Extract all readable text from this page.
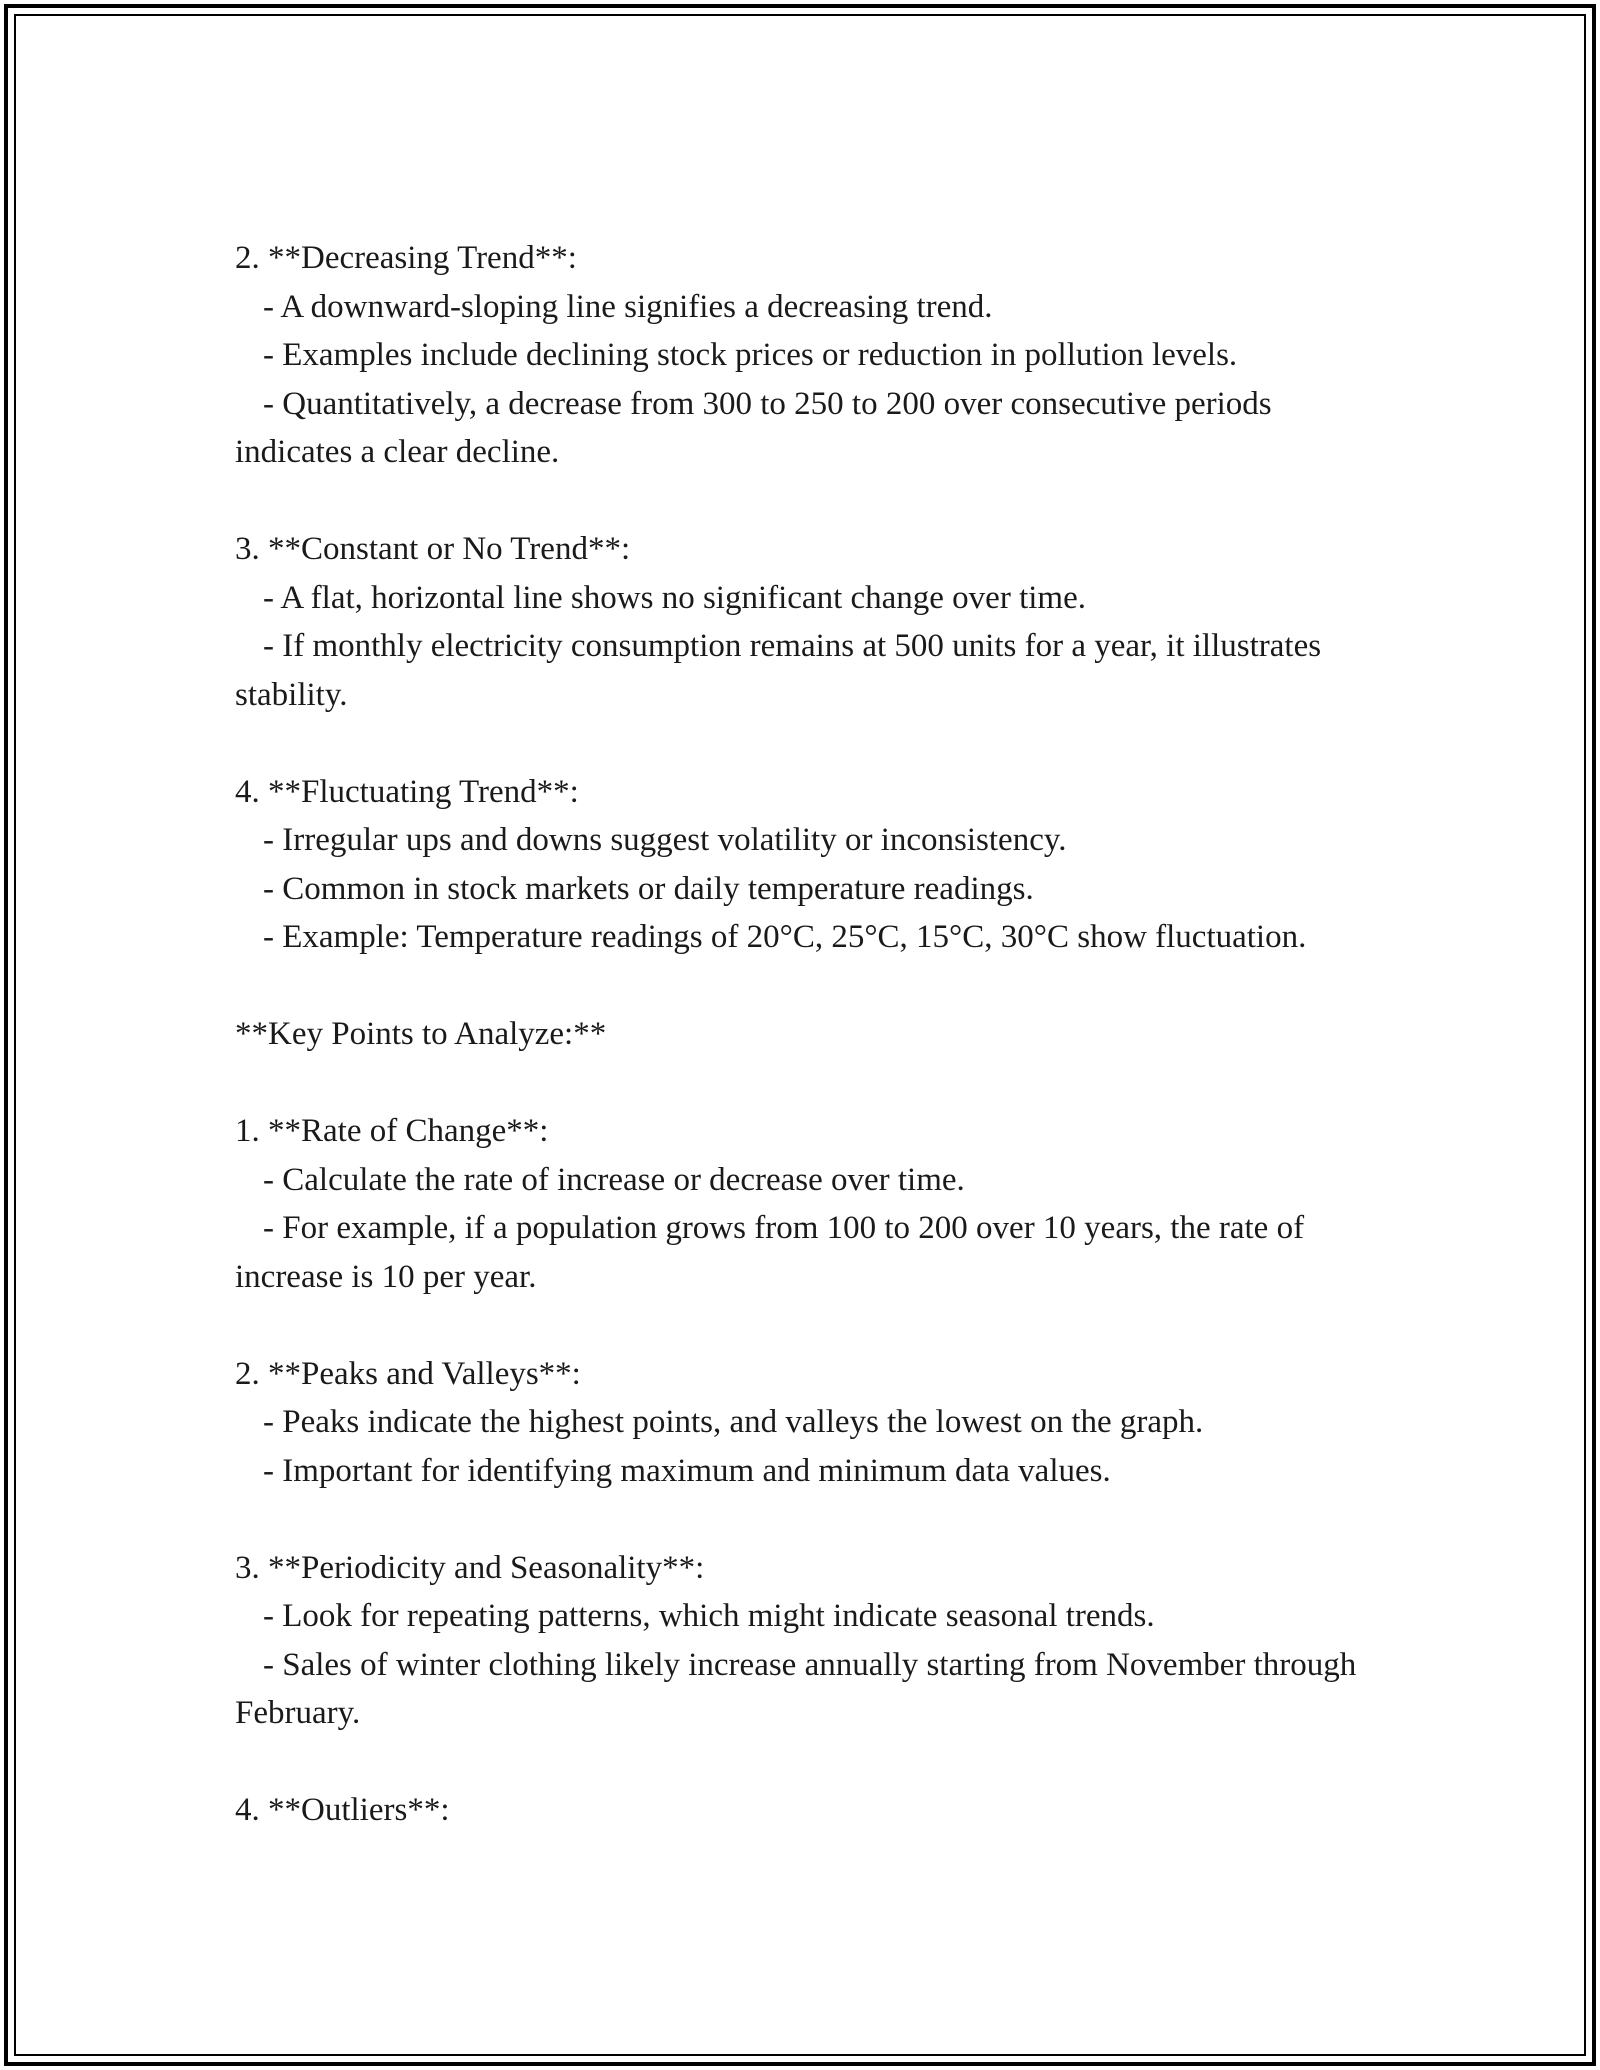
2. **Decreasing Trend**:

- A downward-sloping line signifies a decreasing trend.

- Examples include declining stock prices or reduction in pollution levels.

- Quantitatively, a decrease from 300 to 250 to 200 over consecutive periods indicates a clear decline.

3. **Constant or No Trend**:

- A flat, horizontal line shows no significant change over time.

- If monthly electricity consumption remains at 500 units for a year, it illustrates stability.

4. **Fluctuating Trend**:

- Irregular ups and downs suggest volatility or inconsistency.

- Common in stock markets or daily temperature readings.

- Example: Temperature readings of 20°C, 25°C, 15°C, 30°C show fluctuation.

**Key Points to Analyze:**

1. **Rate of Change**:

- Calculate the rate of increase or decrease over time.

- For example, if a population grows from 100 to 200 over 10 years, the rate of increase is 10 per year.

2. **Peaks and Valleys**:

- Peaks indicate the highest points, and valleys the lowest on the graph.

- Important for identifying maximum and minimum data values.

3. **Periodicity and Seasonality**:

- Look for repeating patterns, which might indicate seasonal trends.

- Sales of winter clothing likely increase annually starting from November through February.

4. **Outliers**:
